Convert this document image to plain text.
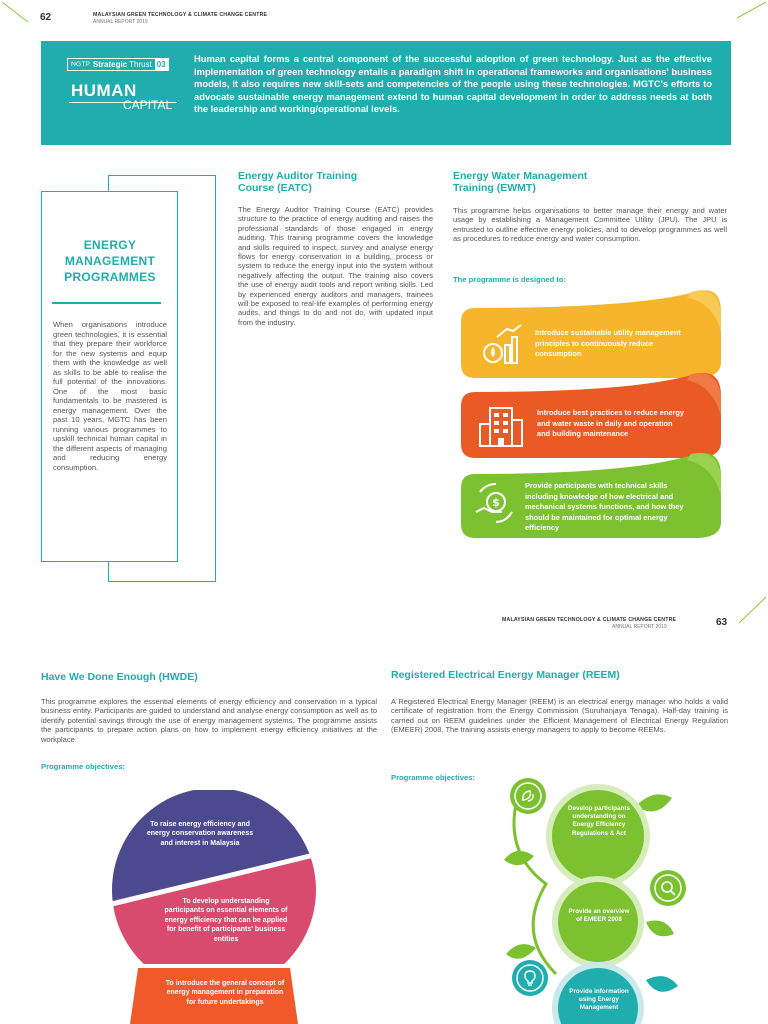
62	MALAYSIAN GREEN TECHNOLOGY & CLIMATE CHANGE CENTRE
ANNUAL REPORT 2019
NGTP Strategic Thrust 03
HUMAN
CAPITAL
Human capital forms a central component of the successful adoption of green technology. Just as the effective implementation of green technology entails a paradigm shift in operational frameworks and organisations' business models, it also requires new skill-sets and competencies of the people using these technologies. MGTC's efforts to advocate sustainable energy management extend to human capital development in order to address needs at both the leadership and working/operational levels.
ENERGY
MANAGEMENT
PROGRAMMES
When organisations introduce green technologies, it is essential that they prepare their workforce for the new systems and equip them with the knowledge as well as skills to be able to realise the full potential of the innovations. One of the most basic fundamentals to be mastered is energy management. Over the past 10 years, MGTC has been running various programmes to upskill technical human capital in the different aspects of managing and reducing energy consumption.
Energy Auditor Training
Course (EATC)
The Energy Auditor Training Course (EATC) provides structure to the practice of energy auditing and raises the professional standards of those engaged in energy auditing. This training programme covers the knowledge and skills required to inspect, survey and analyse energy flows for energy conservation in a building, process or system to reduce the energy input into the system without negatively affecting the output. The training also covers the use of energy audit tools and report writing skills. Led by experienced energy auditors and managers, trainees will be exposed to real-life examples of performing energy audits, and things to do and not do, with updated input from the industry.
Energy Water Management
Training (EWMT)
This programme helps organisations to better manage their energy and water usage by establishing a Management Committee Utility (JPU). The JPU is entrusted to outline effective energy policies, and to develop programmes as well as procedures to reduce energy and water consumption.
The programme is designed to:
Introduce sustainable utility management principles to continuously reduce consumption
Introduce best practices to reduce energy and water waste in daily and operation and building maintenance
$
Provide participants with technical skills including knowledge of how electrical and mechanical systems functions, and how they should be maintained for optimal energy efficiency
MALAYSIAN GREEN TECHNOLOGY & CLIMATE CHANGE CENTRE
ANNUAL REPORT 2019	63
Have We Done Enough (HWDE)
This programme explores the essential elements of energy efficiency and conservation in a typical business entity. Participants are guided to understand and analyse energy consumption as well as to identify potential savings through the use of energy management systems. The programme assists the participants to prepare action plans on how to implement energy efficiency initiatives at the workplace.
Programme objectives:
To raise energy efficiency and energy conservation awareness and interest in Malaysia
To develop understanding participants on essential elements of energy efficiency that can be applied for benefit of participants' business entities
To introduce the general concept of energy management in preparation for future undertakings
Registered Electrical Energy Manager (REEM)
A Registered Electrical Energy Manager (REEM) is an electrical energy manager who holds a valid certificate of registration from the Energy Commission (Suruhanjaya Tenaga). Half-day training is carried out on REEM guidelines under the Efficient Management of Electrical Energy Regulation (EMEER) 2008. The training assists energy managers to apply to become REEMs.
Programme objectives:
Develop participants understanding on Energy Efficiency Regulations & Act
Provide an overview of EMEER 2008
Provide information using Energy Management
